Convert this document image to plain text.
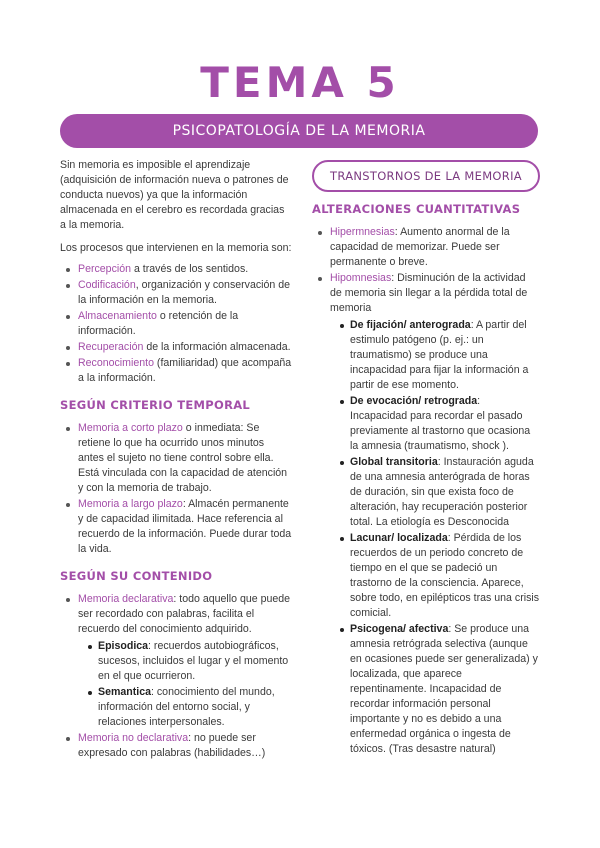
TEMA 5
PSICOPATOLOGÍA DE LA MEMORIA

Sin memoria es imposible el aprendizaje (adquisición de información nueva o patrones de conducta nuevos) ya que la información almacenada en el cerebro es recordada gracias a la memoria.

Los procesos que intervienen en la memoria son:

Percepción a través de los sentidos.
Codificación, organización y conservación de la información en la memoria.
Almacenamiento o retención de la información.
Recuperación de la información almacenada.
Reconocimiento (familiaridad) que acompaña a la información.
SEGÚN CRITERIO TEMPORAL
Memoria a corto plazo o inmediata: Se retiene lo que ha ocurrido unos minutos antes el sujeto no tiene control sobre ella. Está vinculada con la capacidad de atención y con la memoria de trabajo.
Memoria a largo plazo: Almacén permanente y de capacidad ilimitada. Hace referencia al recuerdo de la información. Puede durar toda la vida.
SEGÚN SU CONTENIDO
Memoria declarativa: todo aquello que puede ser recordado con palabras, facilita el recuerdo del conocimiento adquirido.
Episodica: recuerdos autobiográficos, sucesos, incluidos el lugar y el momento en el que ocurrieron.
Semantica: conocimiento del mundo, información del entorno social, y relaciones interpersonales.
Memoria no declarativa: no puede ser expresado con palabras (habilidades…)
TRANSTORNOS DE LA MEMORIA
ALTERACIONES CUANTITATIVAS
Hipermnesias: Aumento anormal de la capacidad de memorizar. Puede ser permanente o breve.
Hipomnesias: Disminución de la actividad de memoria sin llegar a la pérdida total de memoria
De fijación/ anterograda: A partir del estimulo patógeno (p. ej.: un traumatismo) se produce una incapacidad para fijar la información a partir de ese momento.
De evocación/ retrograda: Incapacidad para recordar el pasado previamente al trastorno que ocasiona la amnesia (traumatismo, shock ).
Global transitoria: Instauración aguda de una amnesia anterógrada de horas de duración, sin que exista foco de alteración, hay recuperación posterior total. La etiología es Desconocida
Lacunar/ localizada: Pérdida de los recuerdos de un periodo concreto de tiempo en el que se padeció un trastorno de la consciencia. Aparece, sobre todo, en epilépticos tras una crisis comicial.
Psicogena/ afectiva: Se produce una amnesia retrógrada selectiva (aunque en ocasiones puede ser generalizada) y localizada, que aparece repentinamente. Incapacidad de recordar información personal importante y no es debido a una enfermedad orgánica o ingesta de tóxicos. (Tras desastre natural)
